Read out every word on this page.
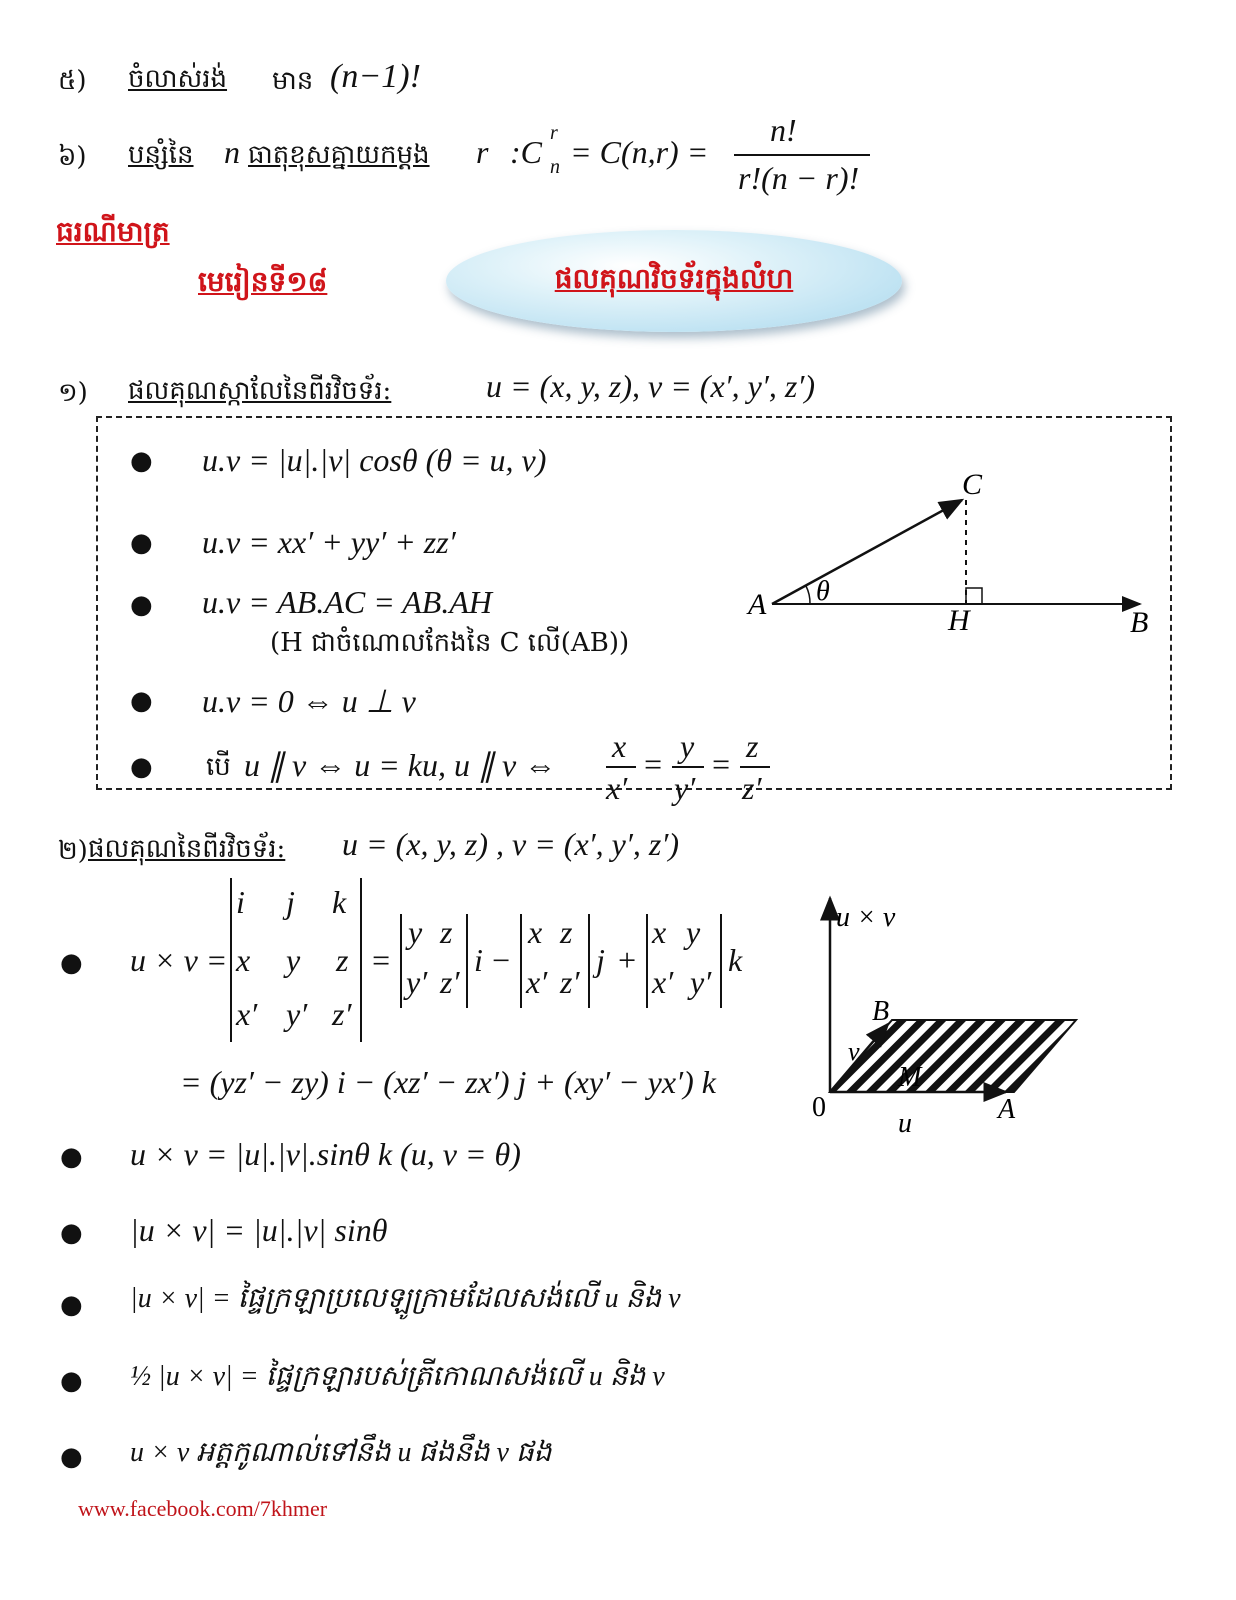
៥) ចំលាស់រង់ មាន (n−1)!
៦) បន្សំនៃ n ធាតុខុសគ្នាយកម្តង r :C
r
n = C(n,r) =
n!
r!(n − r)!
ធរណីមាត្រ
មេរៀនទី១៨	ផលគុណវិចទ័រក្នុងលំហ
១) ផលគុណស្កាលែនៃពីរវិចទ័រ:	u = (x, y, z), v = (x′, y′, z′)
● u.v = |u|.|v| cosθ (θ = u, v)
● u.v = xx′ + yy′ + zz′
● u.v = AB.AC = AB.AH
(H ជាចំណោលកែងនៃ C លើ(AB))
● u.v = 0 ⇔ u ⊥ v
● បើ u ∥ v ⇔ u = ku, u ∥ v ⇔
x
x′
= y
y′
= z
z′
A
B
C
H
θ
២) ផលគុណនៃពីរវិចទ័រ: u = (x, y, z) , v = (x′, y′, z′)
● u × v =
i j k
x y z
x′ y′ z′
=
y z
y′ z′
i −
x z
x′ z′
j +
x y
x′ y′
k
= (yz′ − zy) i − (xz′ − zx′) j + (xy′ − yx′) k
● u × v = |u|.|v|.sinθ k (u, v = θ)
● |u × v| = |u|.|v| sinθ
● |u × v| = ផ្ទៃក្រឡាប្រលេឡូក្រាមដែលសង់លើ u និង v
● ½ |u × v| = ផ្ទៃក្រឡារបស់ត្រីកោណសង់លើ u និង v
● u × v អត្តកូណាល់ទៅនឹង u ផងនឹង v ផង
u × v
B
v
M
0
u	A
www.facebook.com/7khmer
